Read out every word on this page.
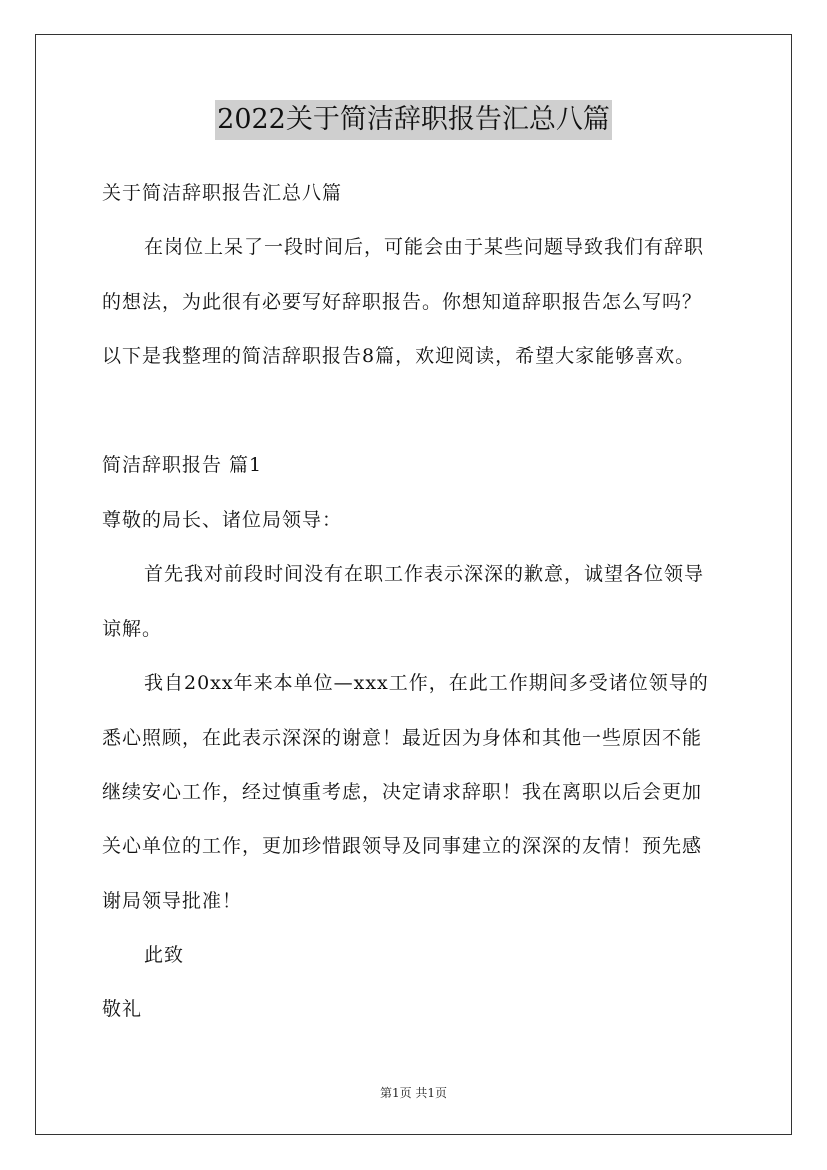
2022关于简洁辞职报告汇总八篇
关于简洁辞职报告汇总八篇
在岗位上呆了一段时间后，可能会由于某些问题导致我们有辞职
的想法，为此很有必要写好辞职报告。你想知道辞职报告怎么写吗？
以下是我整理的简洁辞职报告8篇，欢迎阅读，希望大家能够喜欢。
简洁辞职报告 篇1
尊敬的局长、诸位局领导：
首先我对前段时间没有在职工作表示深深的歉意，诚望各位领导
谅解。
我自20xx年来本单位—xxx工作，在此工作期间多受诸位领导的
悉心照顾，在此表示深深的谢意！最近因为身体和其他一些原因不能
继续安心工作，经过慎重考虑，决定请求辞职！我在离职以后会更加
关心单位的工作，更加珍惜跟领导及同事建立的深深的友情！预先感
谢局领导批准！
此致
敬礼
第1页 共1页
